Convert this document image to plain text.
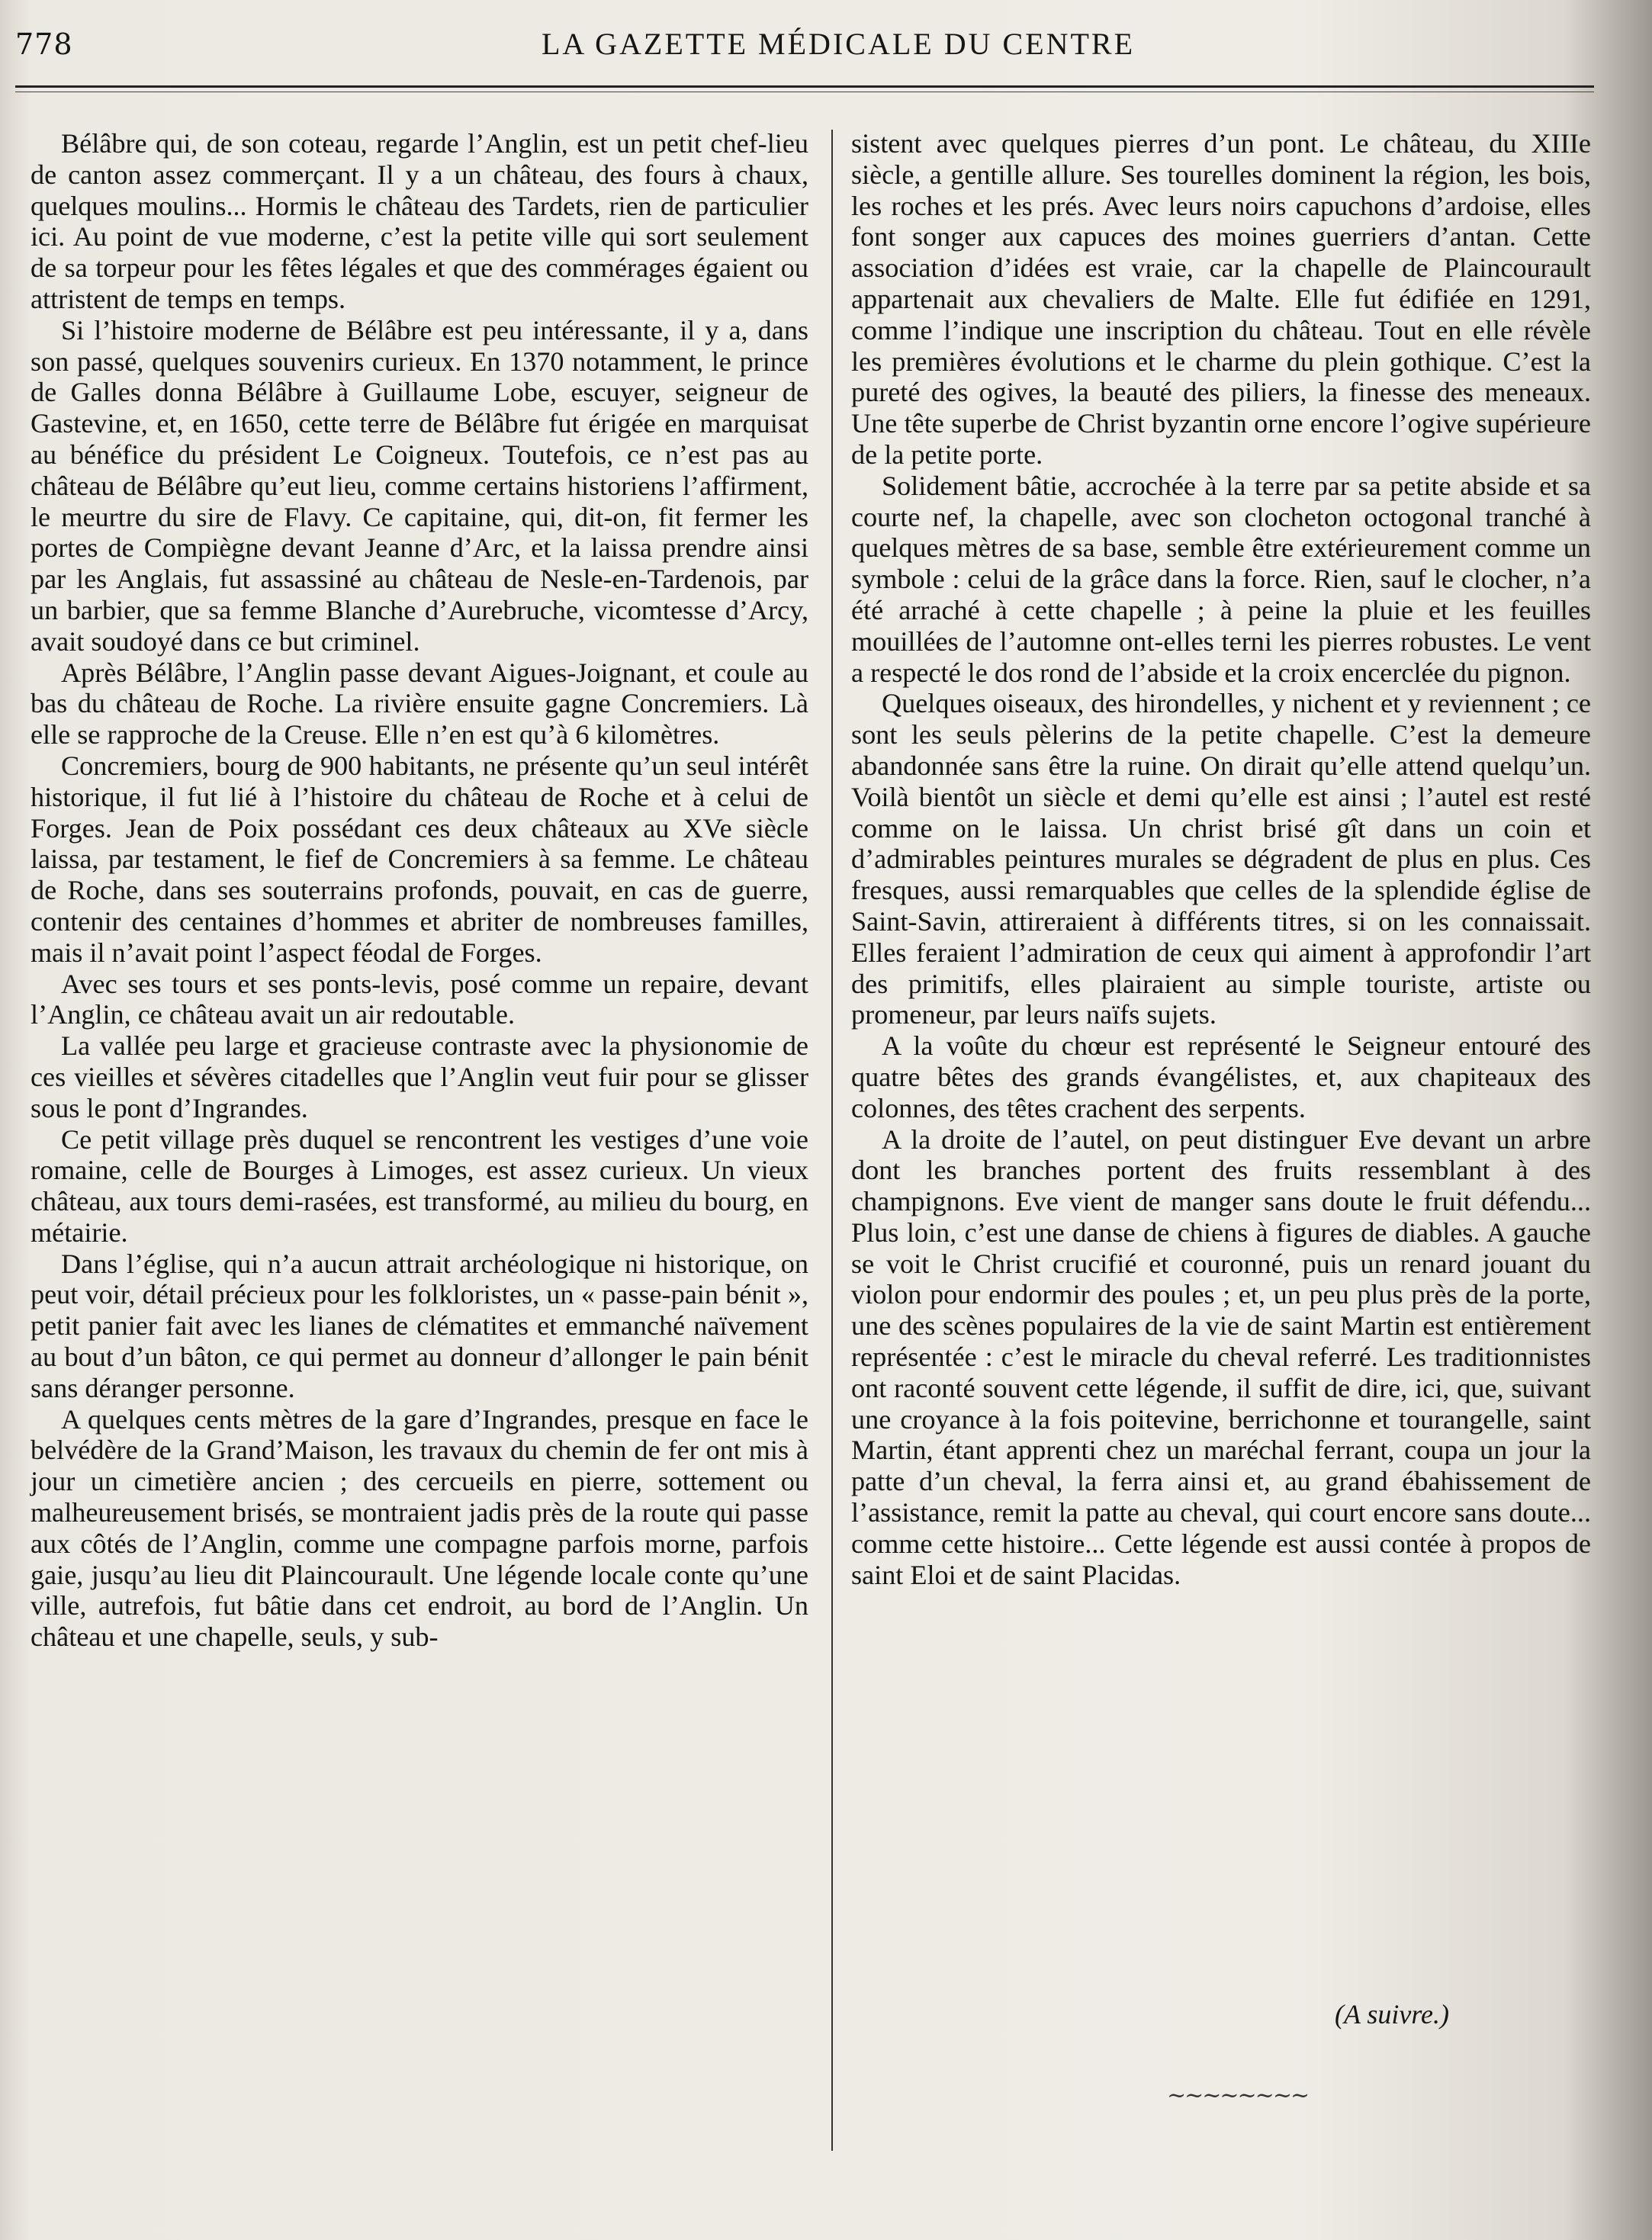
778	LA GAZETTE MÉDICALE DU CENTRE

Bélâbre qui, de son coteau, regarde l’Anglin, est un petit chef-lieu de canton assez commerçant. Il y a un château, des fours à chaux, quelques moulins... Hormis le château des Tardets, rien de particulier ici. Au point de vue moderne, c’est la petite ville qui sort seulement de sa torpeur pour les fêtes légales et que des commérages égaient ou attristent de temps en temps.

Si l’histoire moderne de Bélâbre est peu intéressante, il y a, dans son passé, quelques souvenirs curieux. En 1370 notamment, le prince de Galles donna Bélâbre à Guillaume Lobe, escuyer, seigneur de Gastevine, et, en 1650, cette terre de Bélâbre fut érigée en marquisat au bénéfice du président Le Coigneux. Toutefois, ce n’est pas au château de Bélâbre qu’eut lieu, comme certains historiens l’affirment, le meurtre du sire de Flavy. Ce capitaine, qui, dit-on, fit fermer les portes de Compiègne devant Jeanne d’Arc, et la laissa prendre ainsi par les Anglais, fut assassiné au château de Nesle-en-Tardenois, par un barbier, que sa femme Blanche d’Aurebruche, vicomtesse d’Arcy, avait soudoyé dans ce but criminel.

Après Bélâbre, l’Anglin passe devant Aigues-Joignant, et coule au bas du château de Roche. La rivière ensuite gagne Concremiers. Là elle se rapproche de la Creuse. Elle n’en est qu’à 6 kilomètres.

Concremiers, bourg de 900 habitants, ne présente qu’un seul intérêt historique, il fut lié à l’histoire du château de Roche et à celui de Forges. Jean de Poix possédant ces deux châteaux au XVe siècle laissa, par testament, le fief de Concremiers à sa femme. Le château de Roche, dans ses souterrains profonds, pouvait, en cas de guerre, contenir des centaines d’hommes et abriter de nombreuses familles, mais il n’avait point l’aspect féodal de Forges.

Avec ses tours et ses ponts-levis, posé comme un repaire, devant l’Anglin, ce château avait un air redoutable.

La vallée peu large et gracieuse contraste avec la physionomie de ces vieilles et sévères citadelles que l’Anglin veut fuir pour se glisser sous le pont d’Ingrandes.

Ce petit village près duquel se rencontrent les vestiges d’une voie romaine, celle de Bourges à Limoges, est assez curieux. Un vieux château, aux tours demi-rasées, est transformé, au milieu du bourg, en métairie.

Dans l’église, qui n’a aucun attrait archéologique ni historique, on peut voir, détail précieux pour les folkloristes, un « passe-pain bénit », petit panier fait avec les lianes de clématites et emmanché naïvement au bout d’un bâton, ce qui permet au donneur d’allonger le pain bénit sans déranger personne.

A quelques cents mètres de la gare d’Ingrandes, presque en face le belvédère de la Grand’Maison, les travaux du chemin de fer ont mis à jour un cimetière ancien ; des cercueils en pierre, sottement ou malheureusement brisés, se montraient jadis près de la route qui passe aux côtés de l’Anglin, comme une compagne parfois morne, parfois gaie, jusqu’au lieu dit Plaincourault. Une légende locale conte qu’une ville, autrefois, fut bâtie dans cet endroit, au bord de l’Anglin. Un château et une chapelle, seuls, y sub-

sistent avec quelques pierres d’un pont. Le château, du XIIIe siècle, a gentille allure. Ses tourelles dominent la région, les bois, les roches et les prés. Avec leurs noirs capuchons d’ardoise, elles font songer aux capuces des moines guerriers d’antan. Cette association d’idées est vraie, car la chapelle de Plaincourault appartenait aux chevaliers de Malte. Elle fut édifiée en 1291, comme l’indique une inscription du château. Tout en elle révèle les premières évolutions et le charme du plein gothique. C’est la pureté des ogives, la beauté des piliers, la finesse des meneaux. Une tête superbe de Christ byzantin orne encore l’ogive supérieure de la petite porte.

Solidement bâtie, accrochée à la terre par sa petite abside et sa courte nef, la chapelle, avec son clocheton octogonal tranché à quelques mètres de sa base, semble être extérieurement comme un symbole : celui de la grâce dans la force. Rien, sauf le clocher, n’a été arraché à cette chapelle ; à peine la pluie et les feuilles mouillées de l’automne ont-elles terni les pierres robustes. Le vent a respecté le dos rond de l’abside et la croix encerclée du pignon.

Quelques oiseaux, des hirondelles, y nichent et y reviennent ; ce sont les seuls pèlerins de la petite chapelle. C’est la demeure abandonnée sans être la ruine. On dirait qu’elle attend quelqu’un. Voilà bientôt un siècle et demi qu’elle est ainsi ; l’autel est resté comme on le laissa. Un christ brisé gît dans un coin et d’admirables peintures murales se dégradent de plus en plus. Ces fresques, aussi remarquables que celles de la splendide église de Saint-Savin, attireraient à différents titres, si on les connaissait. Elles feraient l’admiration de ceux qui aiment à approfondir l’art des primitifs, elles plairaient au simple touriste, artiste ou promeneur, par leurs naïfs sujets.

A la voûte du chœur est représenté le Seigneur entouré des quatre bêtes des grands évangélistes, et, aux chapiteaux des colonnes, des têtes crachent des serpents.

A la droite de l’autel, on peut distinguer Eve devant un arbre dont les branches portent des fruits ressemblant à des champignons. Eve vient de manger sans doute le fruit défendu... Plus loin, c’est une danse de chiens à figures de diables. A gauche se voit le Christ crucifié et couronné, puis un renard jouant du violon pour endormir des poules ; et, un peu plus près de la porte, une des scènes populaires de la vie de saint Martin est entièrement représentée : c’est le miracle du cheval referré. Les traditionnistes ont raconté souvent cette légende, il suffit de dire, ici, que, suivant une croyance à la fois poitevine, berrichonne et tourangelle, saint Martin, étant apprenti chez un maréchal ferrant, coupa un jour la patte d’un cheval, la ferra ainsi et, au grand ébahissement de l’assistance, remit la patte au cheval, qui court encore sans doute... comme cette histoire... Cette légende est aussi contée à propos de saint Eloi et de saint Placidas.

(A suivre.)
~~~~~~~~
